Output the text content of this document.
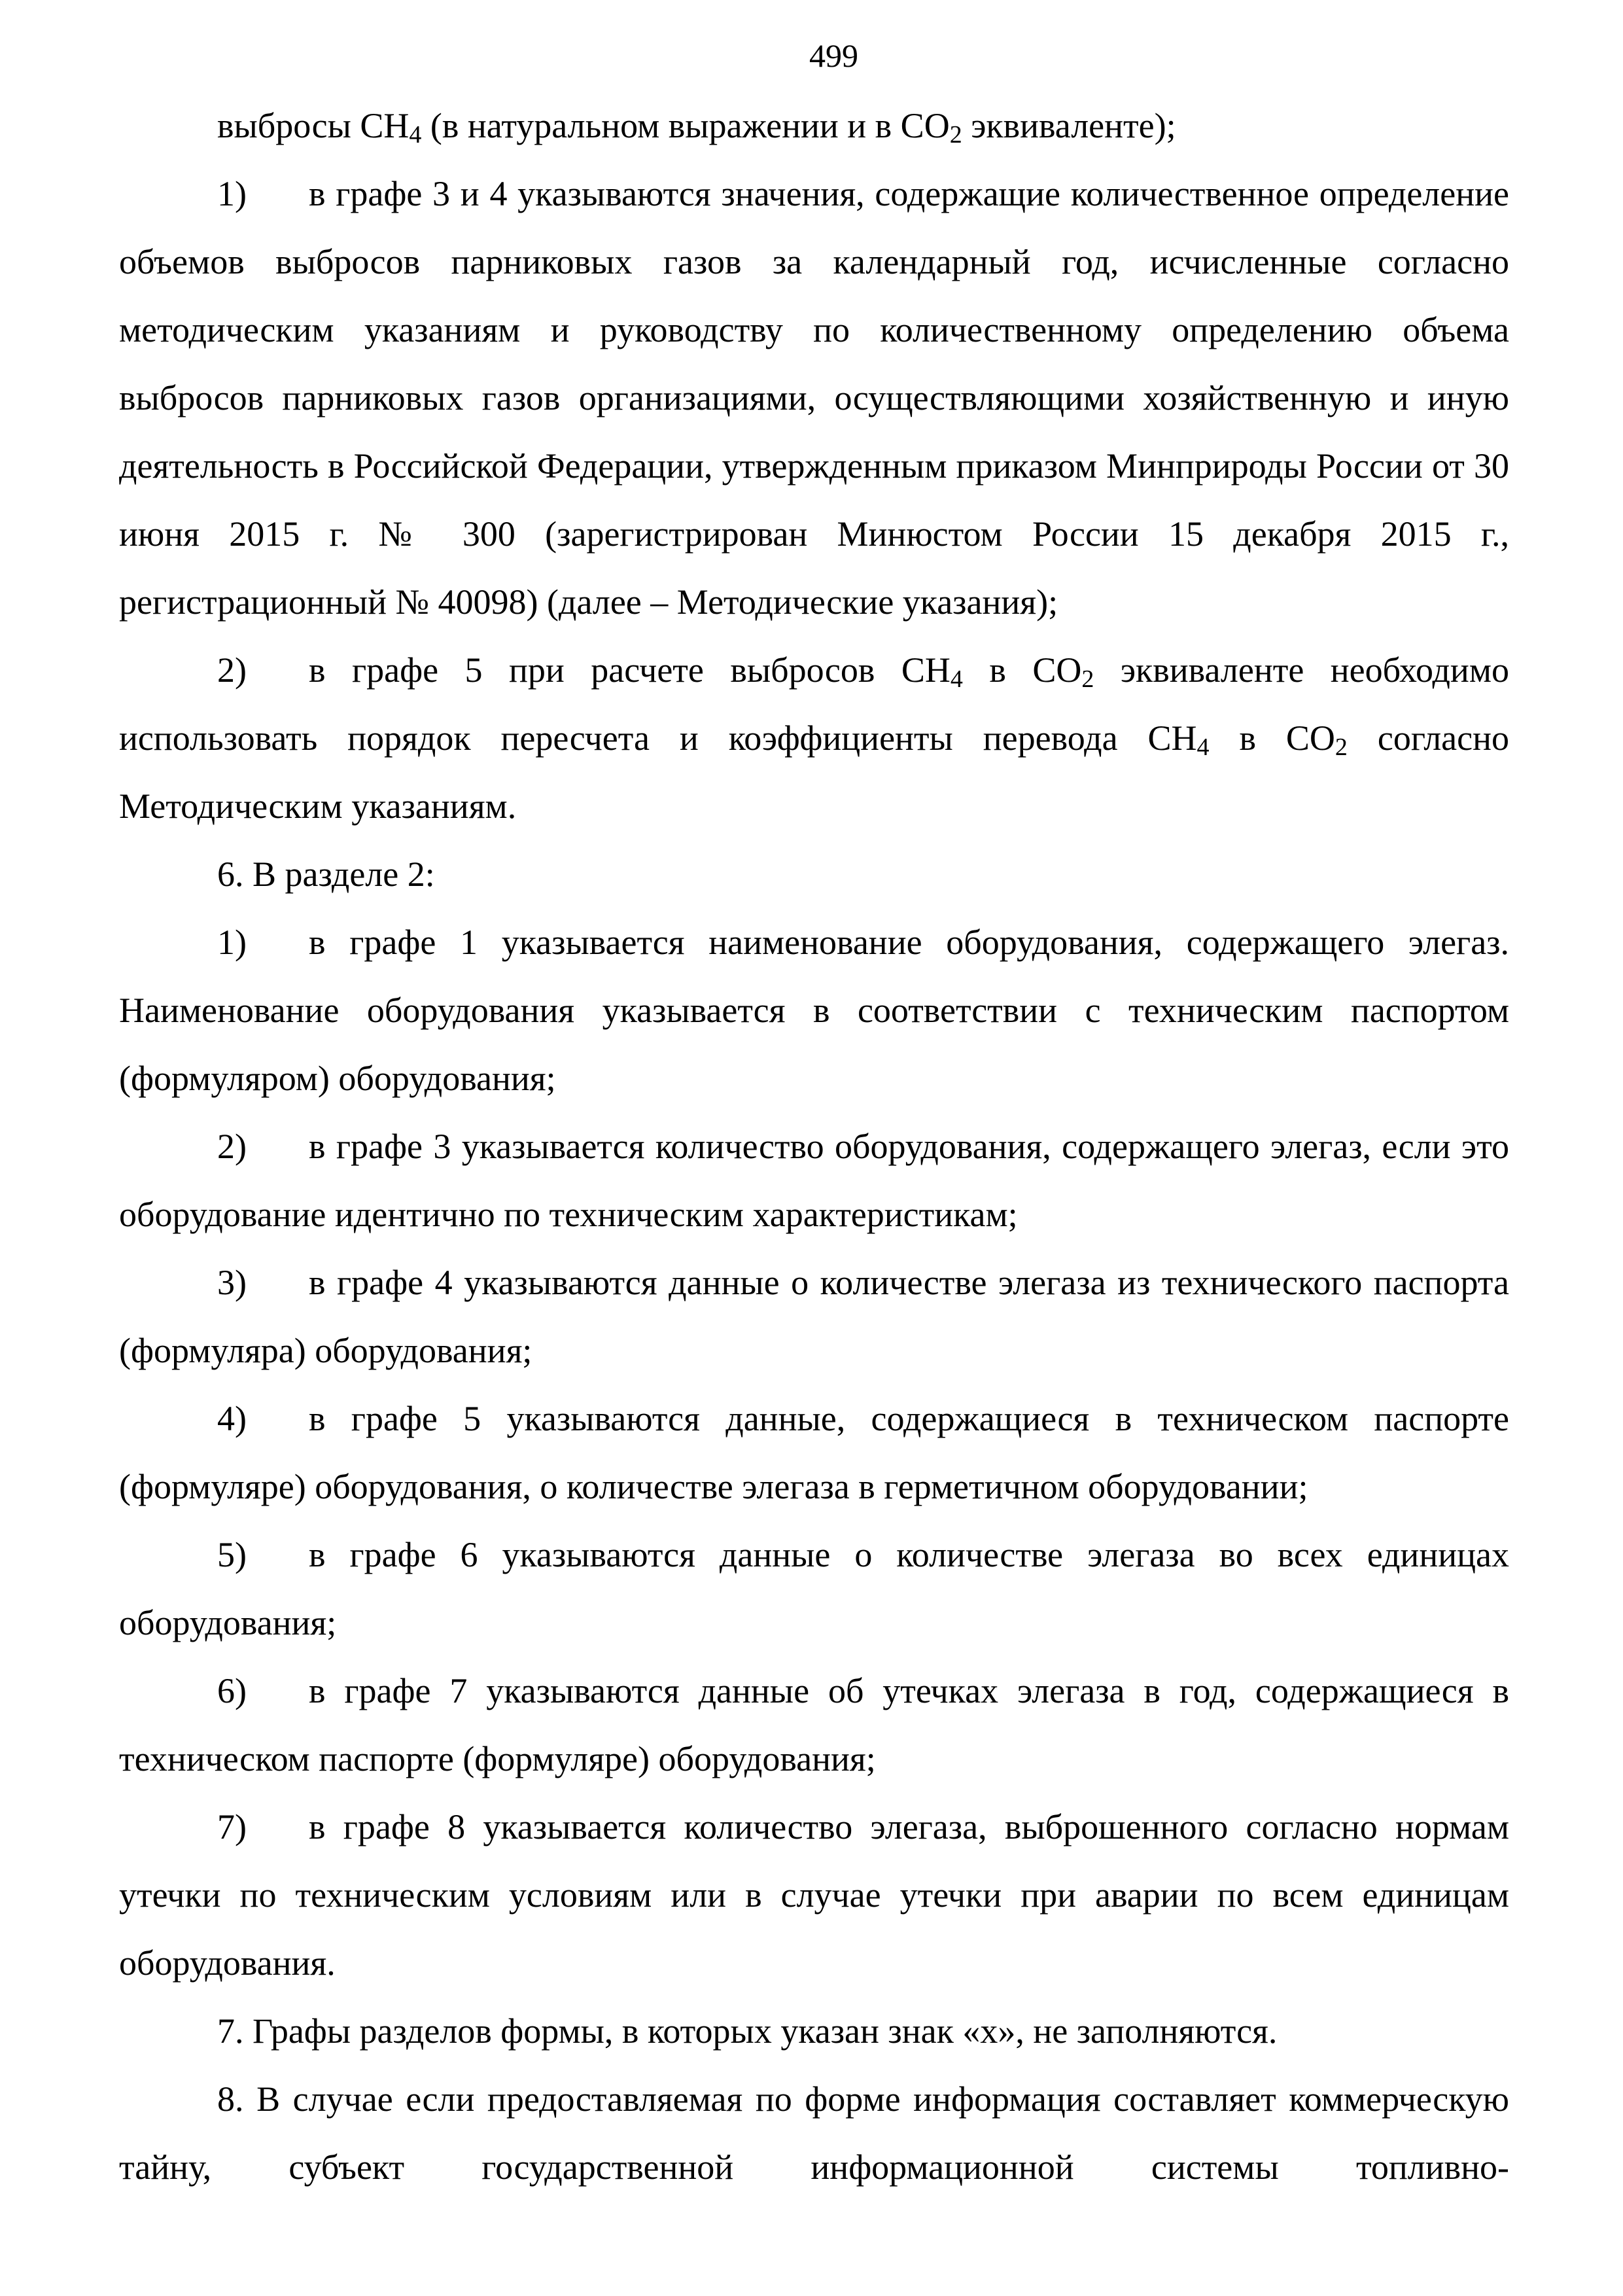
499

выбросы $CH_4$ (в натуральном выражении и в $CO_2$ эквиваленте);

1) в графе 3 и 4 указываются значения, содержащие количественное определение объемов выбросов парниковых газов за календарный год, исчисленные согласно методическим указаниям и руководству по количественному определению объема выбросов парниковых газов организациями, осуществляющими хозяйственную и иную деятельность в Российской Федерации, утвержденным приказом Минприроды России от 30 июня 2015 г. № 300 (зарегистрирован Минюстом России 15 декабря 2015 г., регистрационный № 40098) (далее – Методические указания);

2) в графе 5 при расчете выбросов $CH_4$ в $CO_2$ эквиваленте необходимо использовать порядок пересчета и коэффициенты перевода $CH_4$ в $CO_2$ согласно Методическим указаниям.

6. В разделе 2:

1) в графе 1 указывается наименование оборудования, содержащего элегаз. Наименование оборудования указывается в соответствии с техническим паспортом (формуляром) оборудования;

2) в графе 3 указывается количество оборудования, содержащего элегаз, если это оборудование идентично по техническим характеристикам;

3) в графе 4 указываются данные о количестве элегаза из технического паспорта (формуляра) оборудования;

4) в графе 5 указываются данные, содержащиеся в техническом паспорте (формуляре) оборудования, о количестве элегаза в герметичном оборудовании;

5) в графе 6 указываются данные о количестве элегаза во всех единицах оборудования;

6) в графе 7 указываются данные об утечках элегаза в год, содержащиеся в техническом паспорте (формуляре) оборудования;

7) в графе 8 указывается количество элегаза, выброшенного согласно нормам утечки по техническим условиям или в случае утечки при аварии по всем единицам оборудования.

7. Графы разделов формы, в которых указан знак «х», не заполняются.

8. В случае если предоставляемая по форме информация составляет коммерческую тайну, субъект государственной информационной системы топливно-
